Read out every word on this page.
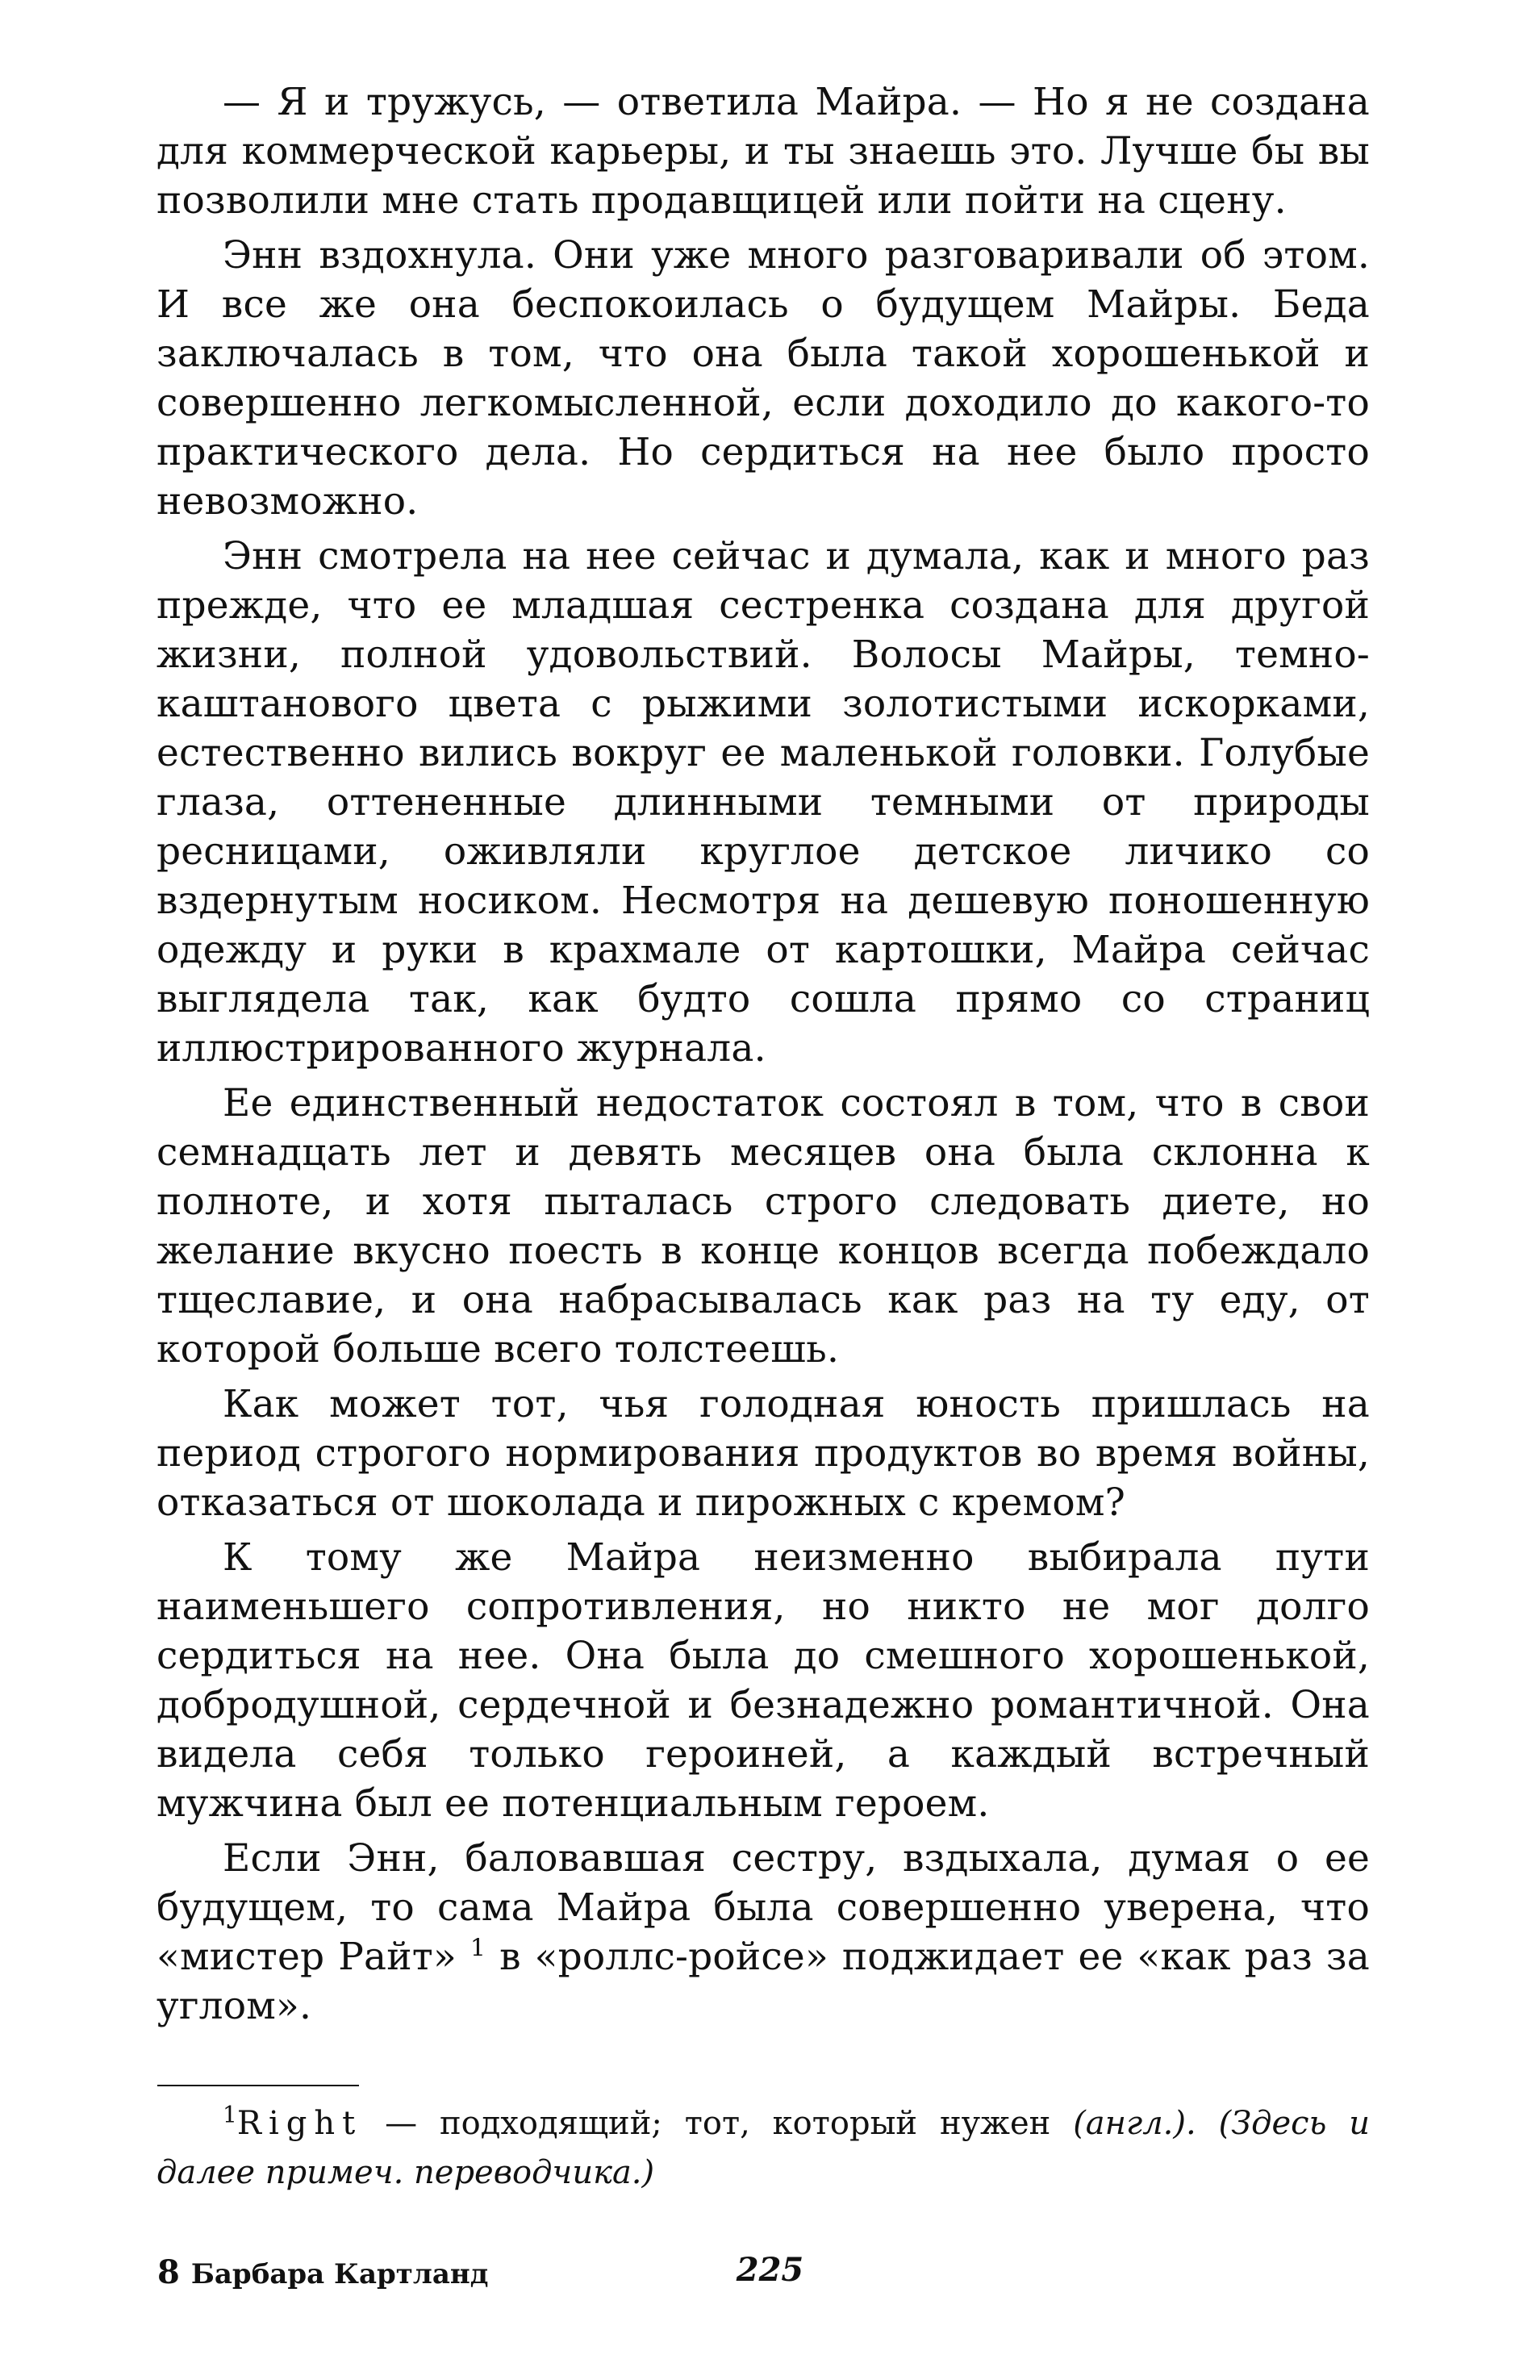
— Я и тружусь, — ответила Майра. — Но я не создана для коммерческой карьеры, и ты знаешь это. Лучше бы вы позволили мне стать продавщицей или пойти на сцену.

Энн вздохнула. Они уже много разговаривали об этом. И все же она беспокоилась о будущем Майры. Беда заключалась в том, что она была такой хорошенькой и совершенно легкомысленной, если доходило до какого-то практического дела. Но сердиться на нее было просто невозможно.

Энн смотрела на нее сейчас и думала, как и много раз прежде, что ее младшая сестренка создана для другой жизни, полной удовольствий. Волосы Майры, темно-каштанового цвета с рыжими золотистыми искорками, естественно вились вокруг ее маленькой головки. Голубые глаза, оттененные длинными темными от природы ресницами, оживляли круглое детское личико со вздернутым носиком. Несмотря на дешевую поношенную одежду и руки в крахмале от картошки, Майра сейчас выглядела так, как будто сошла прямо со страниц иллюстрированного журнала.

Ее единственный недостаток состоял в том, что в свои семнадцать лет и девять месяцев она была склонна к полноте, и хотя пыталась строго следовать диете, но желание вкусно поесть в конце концов всегда побеждало тщеславие, и она набрасывалась как раз на ту еду, от которой больше всего толстеешь.

Как может тот, чья голодная юность пришлась на период строгого нормирования продуктов во время войны, отказаться от шоколада и пирожных с кремом?

К тому же Майра неизменно выбирала пути наименьшего сопротивления, но никто не мог долго сердиться на нее. Она была до смешного хорошенькой, добродушной, сердечной и безнадежно романтичной. Она видела себя только героиней, а каждый встречный мужчина был ее потенциальным героем.

Если Энн, баловавшая сестру, вздыхала, думая о ее будущем, то сама Майра была совершенно уверена, что «мистер Райт» $^1$ в «роллс-ройсе» поджидает ее «как раз за углом».

$^1$Right — подходящий; тот, который нужен (англ.). (Здесь и далее примеч. переводчика.)

8 Барбара Картланд	225
